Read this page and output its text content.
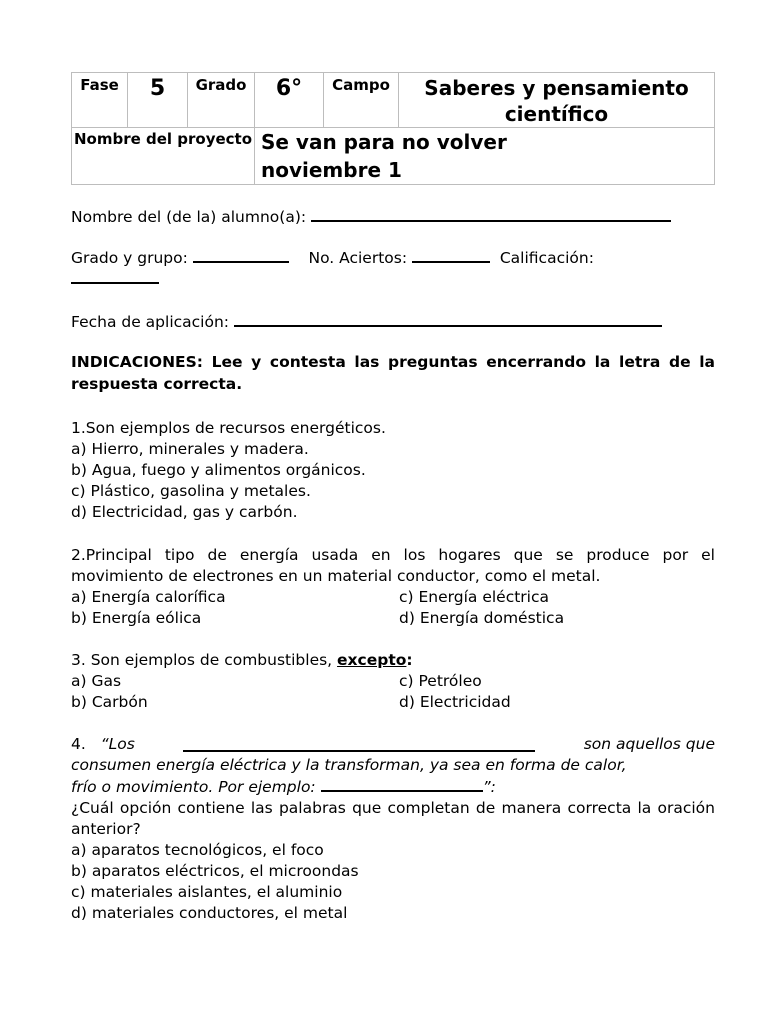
Fase	5	Grado	6°	Campo	Saberes y pensamiento científico
Nombre del proyecto			Se van para no volver
noviembre 1		
Nombre del (de la) alumno(a):
Grado y grupo:	No. Aciertos:	Calificación:
Fecha de aplicación:
INDICACIONES: Lee y contesta las preguntas encerrando la letra de la respuesta correcta.
1.Son ejemplos de recursos energéticos.
a) Hierro, minerales y madera.
b) Agua, fuego y alimentos orgánicos.
c) Plástico, gasolina y metales.
d) Electricidad, gas y carbón.
2.Principal tipo de energía usada en los hogares que se produce por el movimiento de electrones en un material conductor, como el metal.
a) Energía calorífica	c) Energía eléctrica
b) Energía eólica	d) Energía doméstica
3. Son ejemplos de combustibles, excepto:
a) Gas	c) Petróleo
b) Carbón	d) Electricidad
4. “Los	son aquellos que
consumen energía eléctrica y la transforman, ya sea en forma de calor,
frío o movimiento. Por ejemplo:	”:
¿Cuál opción contiene las palabras que completan de manera correcta la oración anterior?
a) aparatos tecnológicos, el foco
b) aparatos eléctricos, el microondas
c) materiales aislantes, el aluminio
d) materiales conductores, el metal
